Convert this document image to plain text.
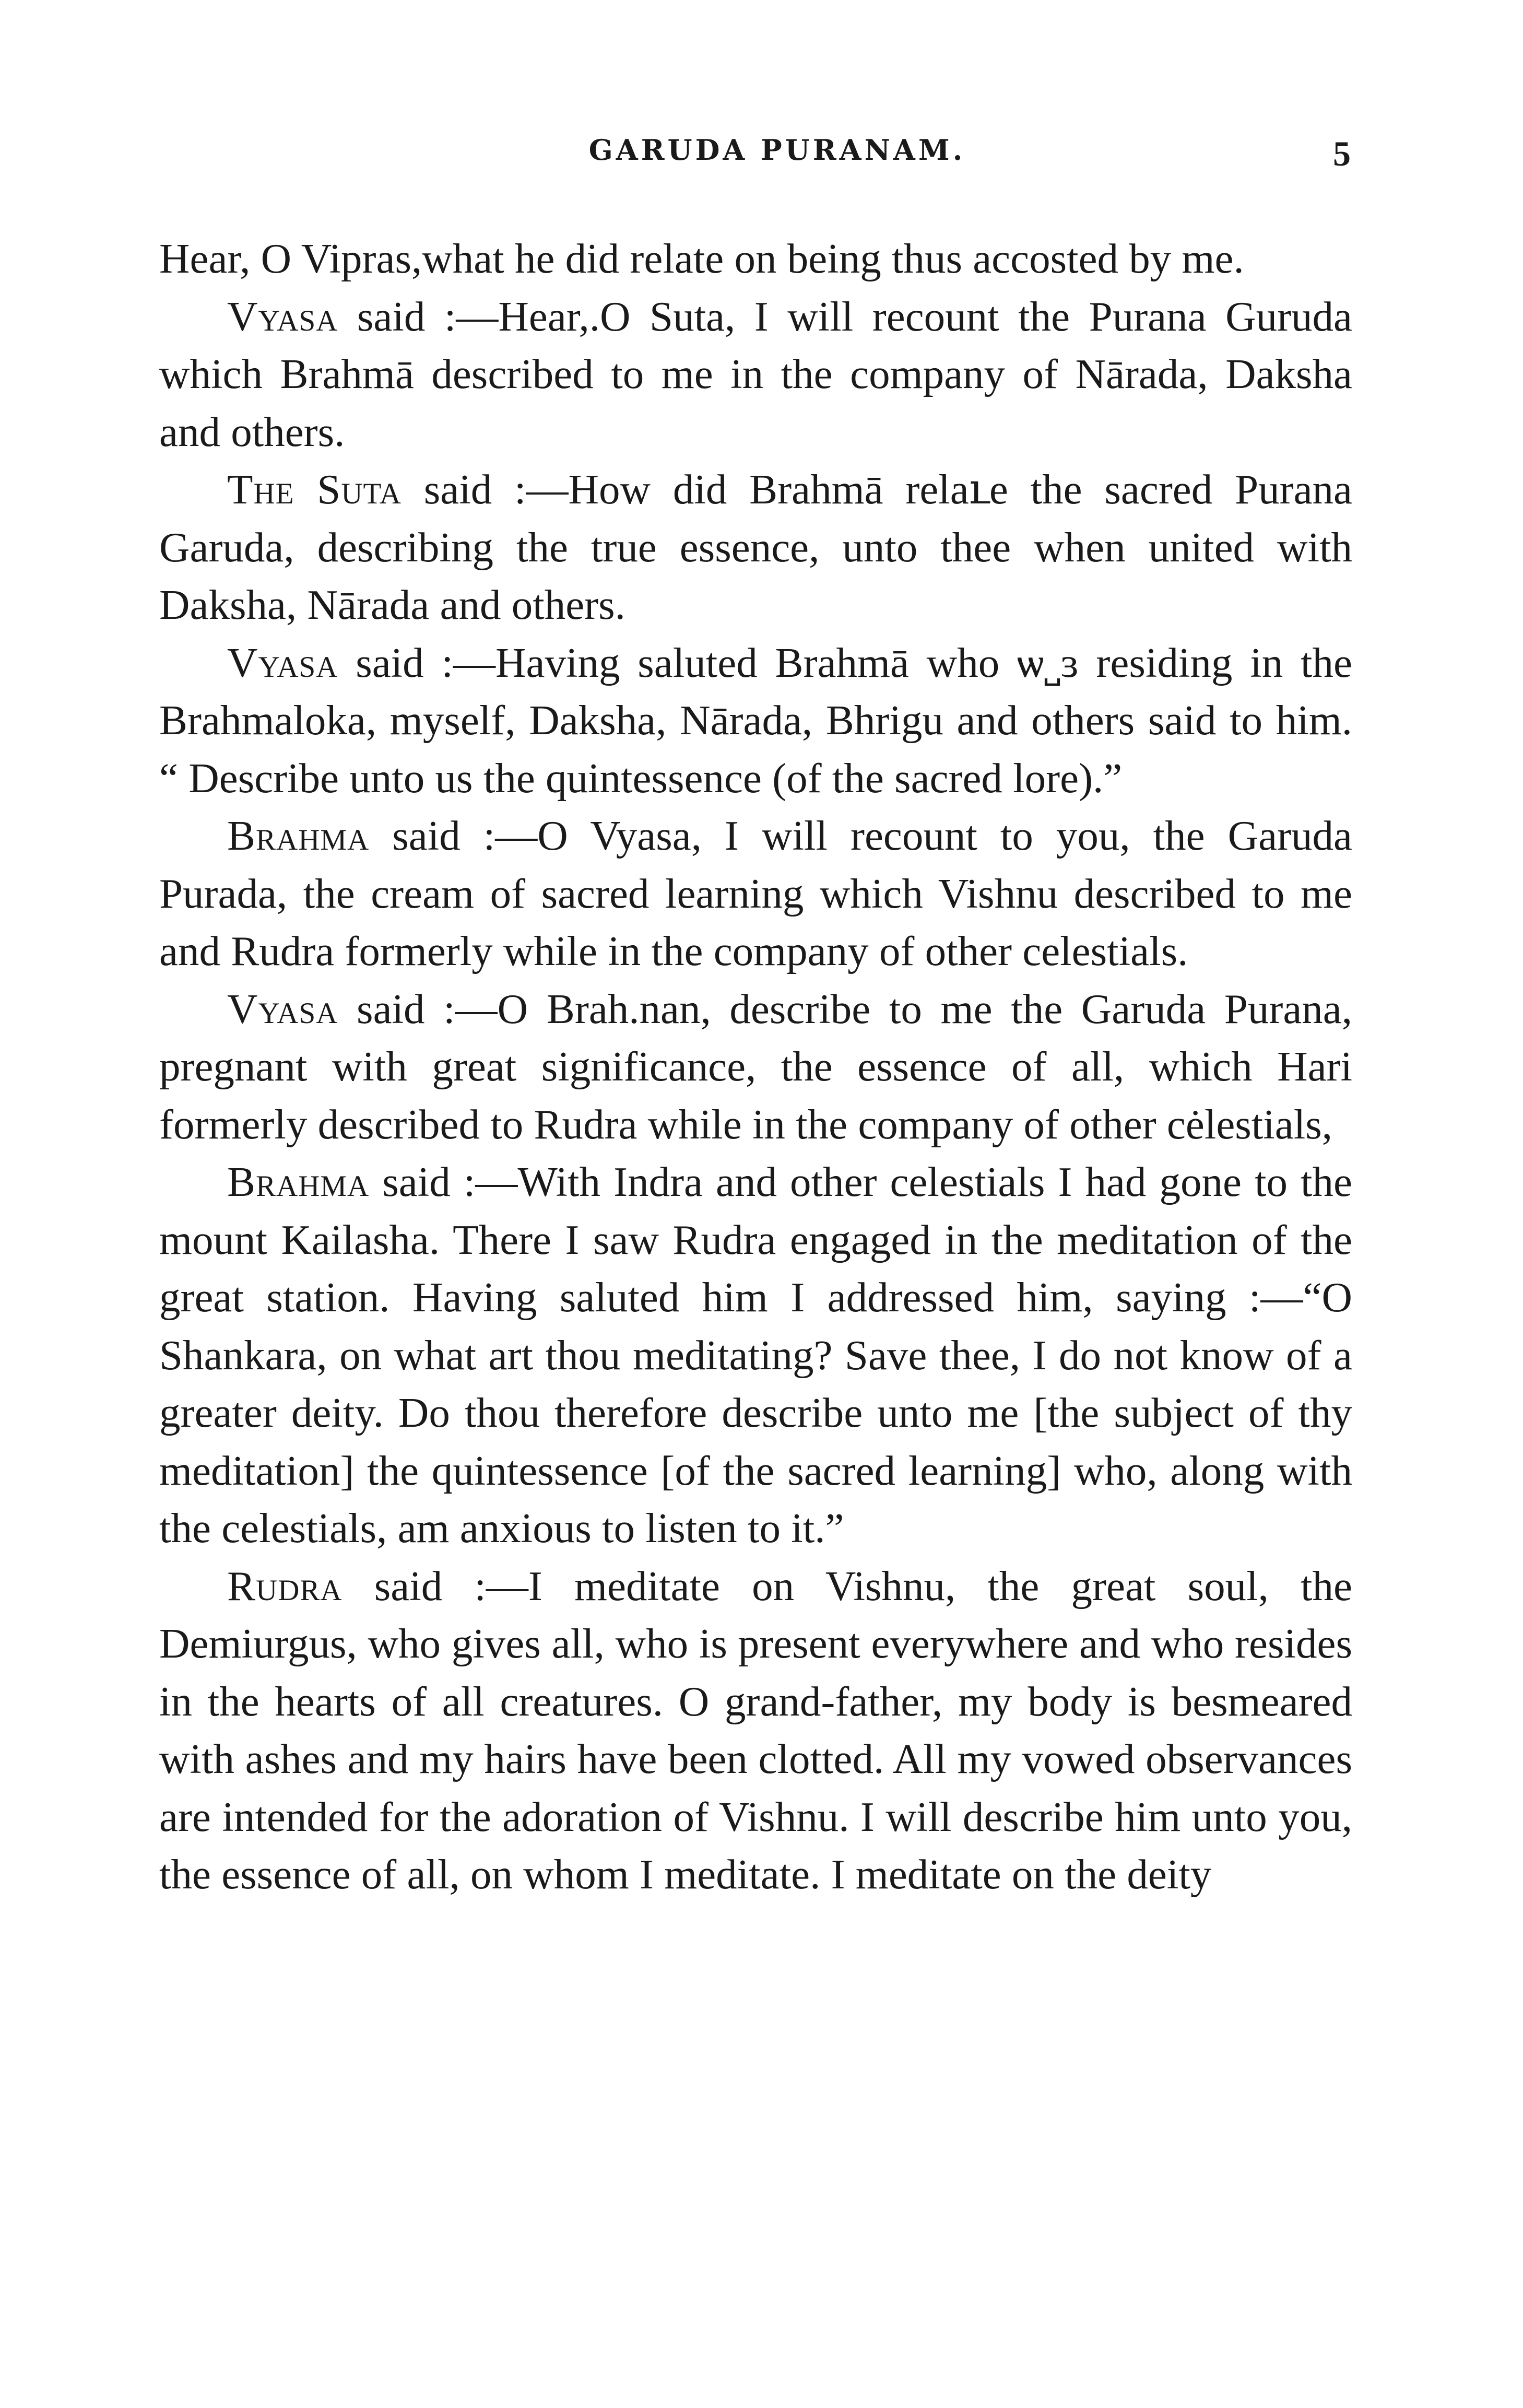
GARUDA PURANAM.	5

Hear, O Vipras,what he did relate on being thus accosted by me.

Vyasa said :—Hear,.O Suta, I will recount the Purana Guruda which Brahmā described to me in the company of Nārada, Daksha and others.

The Suta said :—How did Brahmā relaւe the sacred Purana Garuda, describing the true essence, unto thee when united with Daksha, Nārada and others.

Vyasa said :—Having saluted Brahmā who ѡ˽ɜ residing in the Brahmaloka, myself, Daksha, Nārada, Bhrigu and others said to him. “ Describe unto us the quintessence (of the sacred lore).”

Brahma said :—O Vyasa, I will recount to you, the Garuda Purada, the cream of sacred learning which Vishnu described to me and Rudra formerly while in the company of other celestials.

Vyasa said :—O Brah.nan, describe to me the Garuda Purana, pregnant with great significance, the essence of all, which Hari formerly described to Rudra while in the company of other cėlestials,

Brahma said :—With Indra and other celestials I had gone to the mount Kailasha. There I saw Rudra engaged in the meditation of the great station. Having saluted him I addressed him, saying :—“O Shankara, on what art thou meditating? Save thee, I do not know of a greater deity. Do thou therefore describe unto me [the subject of thy meditation] the quintessence [of the sacred learning] who, along with the celestials, am anxious to listen to it.”

Rudra said :—I meditate on Vishnu, the great soul, the Demiurgus, who gives all, who is present everywhere and who resides in the hearts of all creatures. O grand-father, my body is besmeared with ashes and my hairs have been clotted. All my vowed observances are intended for the adoration of Vishnu. I will describe him unto you, the essence of all, on whom I meditate. I meditate on the deity
